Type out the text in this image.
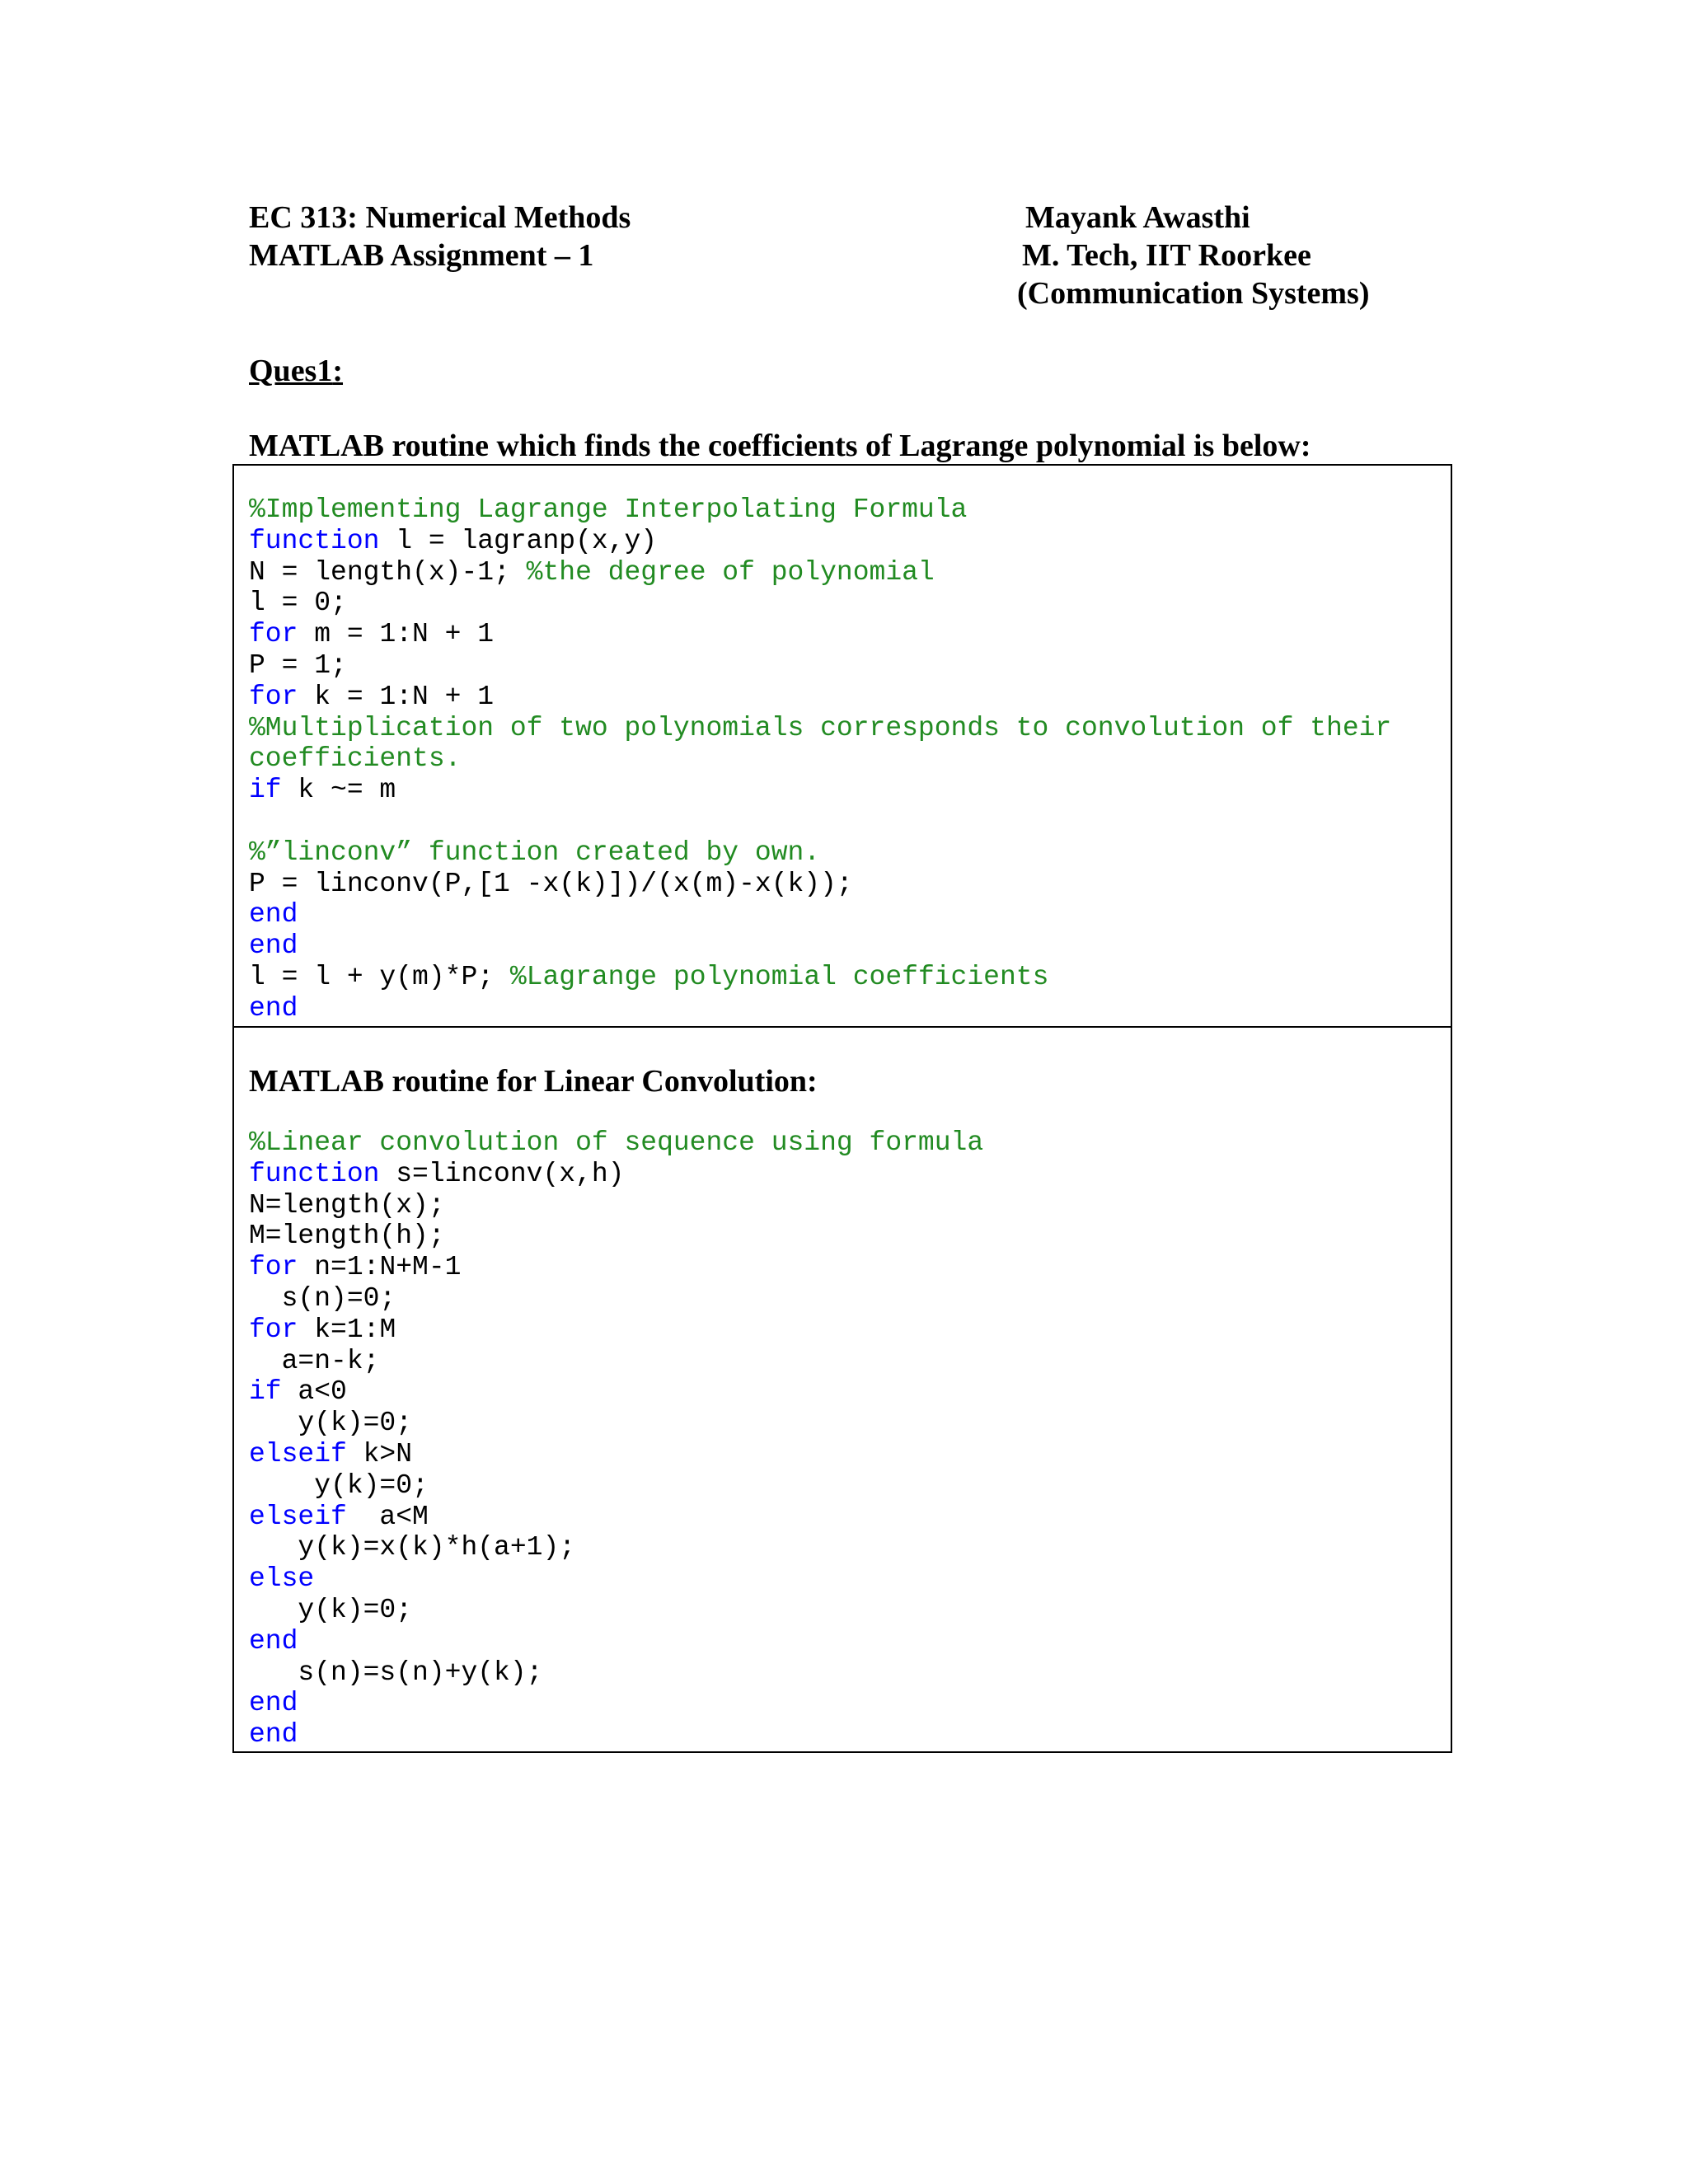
EC 313: Numerical Methods
MATLAB Assignment – 1
Mayank Awasthi
M. Tech, IIT Roorkee
(Communication Systems)
Ques1:
MATLAB routine which finds the coefficients of Lagrange polynomial is below:
%Implementing Lagrange Interpolating Formula
function l = lagranp(x,y)
N = length(x)-1; %the degree of polynomial
l = 0;
for m = 1:N + 1
P = 1;
for k = 1:N + 1
%Multiplication of two polynomials corresponds to convolution of their
coefficients.
if k ~= m
%”linconv” function created by own.
P = linconv(P,[1 -x(k)])/(x(m)-x(k));
end
end
l = l + y(m)*P; %Lagrange polynomial coefficients
end
MATLAB routine for Linear Convolution:
%Linear convolution of sequence using formula
function s=linconv(x,h)
N=length(x);
M=length(h);
for n=1:N+M-1
s(n)=0;
for k=1:M
a=n-k;
if a<0
y(k)=0;
elseif k>N
y(k)=0;
elseif  a<M
y(k)=x(k)*h(a+1);
else
y(k)=0;
end
s(n)=s(n)+y(k);
end
end
